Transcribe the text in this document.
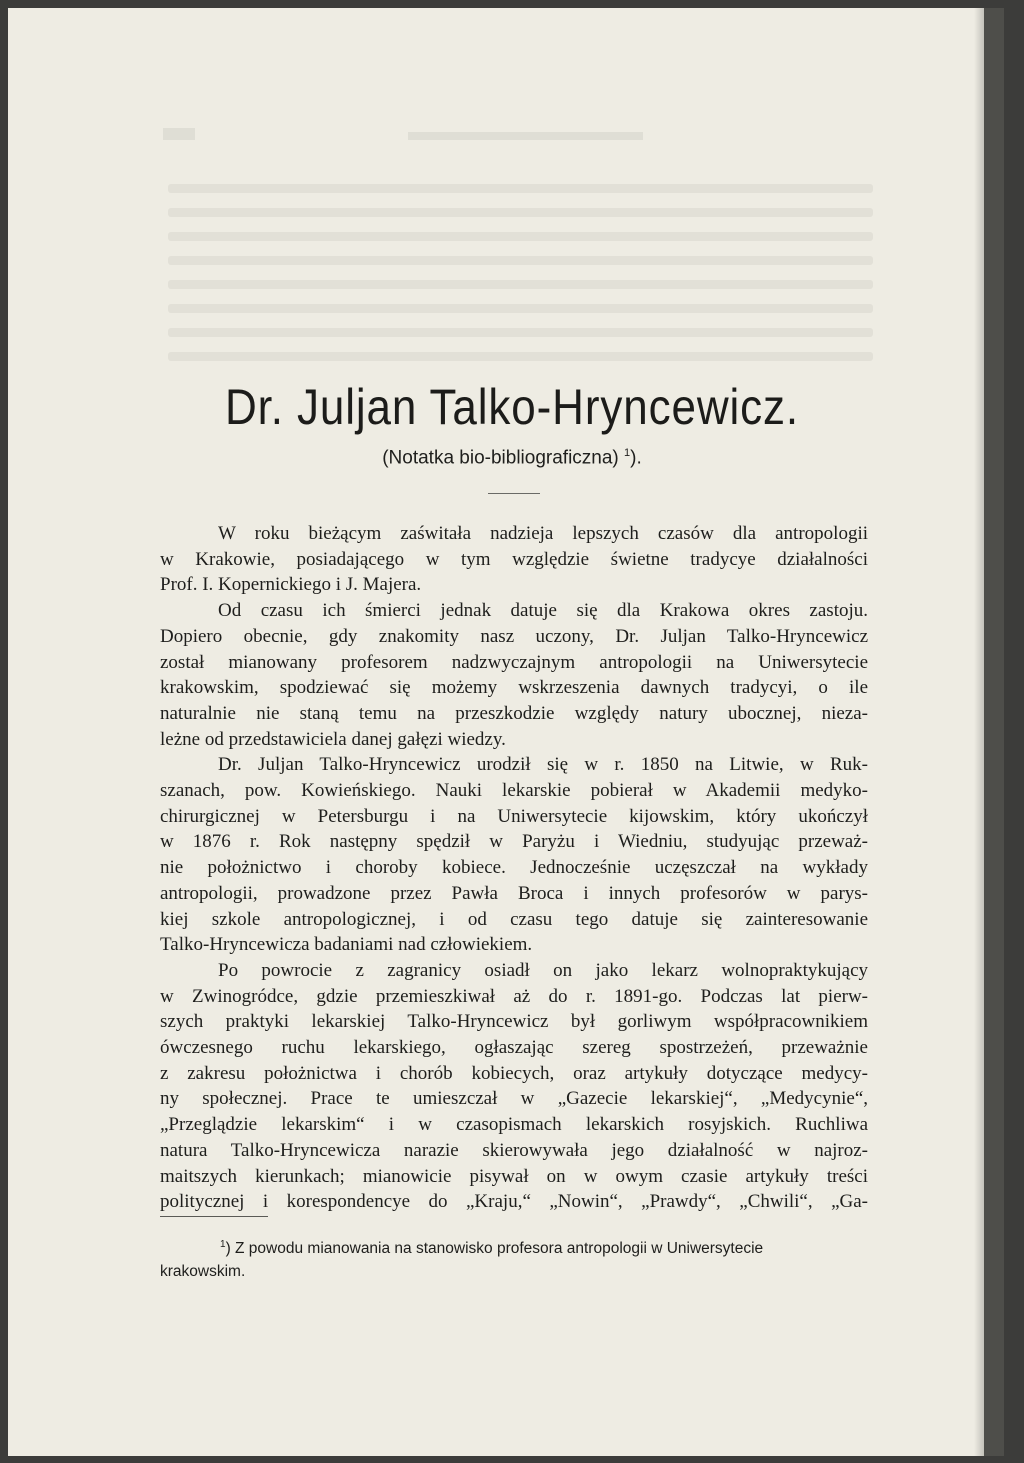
Dr. Juljan Talko-Hryncewicz.
(Notatka bio-bibliograficzna) $^1$).
W roku bieżącym zaświtała nadzieja lepszych czasów dla antropologii
w Krakowie, posiadającego w tym względzie świetne tradycye działalności
Prof. I. Kopernickiego i J. Majera.
Od czasu ich śmierci jednak datuje się dla Krakowa okres zastoju.
Dopiero obecnie, gdy znakomity nasz uczony, Dr. Juljan Talko-Hryncewicz
został mianowany profesorem nadzwyczajnym antropologii na Uniwersytecie
krakowskim, spodziewać się możemy wskrzeszenia dawnych tradycyi, o ile
naturalnie nie staną temu na przeszkodzie względy natury ubocznej, nieza-
leżne od przedstawiciela danej gałęzi wiedzy.
Dr. Juljan Talko-Hryncewicz urodził się w r. 1850 na Litwie, w Ruk-
szanach, pow. Kowieńskiego. Nauki lekarskie pobierał w Akademii medyko-
chirurgicznej w Petersburgu i na Uniwersytecie kijowskim, który ukończył
w 1876 r. Rok następny spędził w Paryżu i Wiedniu, studyując przeważ-
nie położnictwo i choroby kobiece. Jednocześnie uczęszczał na wykłady
antropologii, prowadzone przez Pawła Broca i innych profesorów w parys-
kiej szkole antropologicznej, i od czasu tego datuje się zainteresowanie
Talko-Hryncewicza badaniami nad człowiekiem.
Po powrocie z zagranicy osiadł on jako lekarz wolnopraktykujący
w Zwinogródce, gdzie przemieszkiwał aż do r. 1891-go. Podczas lat pierw-
szych praktyki lekarskiej Talko-Hryncewicz był gorliwym współpracownikiem
ówczesnego ruchu lekarskiego, ogłaszając szereg spostrzeżeń, przeważnie
z zakresu położnictwa i chorób kobiecych, oraz artykuły dotyczące medycy-
ny społecznej. Prace te umieszczał w „Gazecie lekarskiej“, „Medycynie“,
„Przeglądzie lekarskim“ i w czasopismach lekarskich rosyjskich. Ruchliwa
natura Talko-Hryncewicza narazie skierowywała jego działalność w najroz-
maitszych kierunkach; mianowicie pisywał on w owym czasie artykuły treści
politycznej i korespondencye do „Kraju,“ „Nowin“, „Prawdy“, „Chwili“, „Ga-
$^1$) Z powodu mianowania na stanowisko profesora antropologii w Uniwersytecie
krakowskim.
